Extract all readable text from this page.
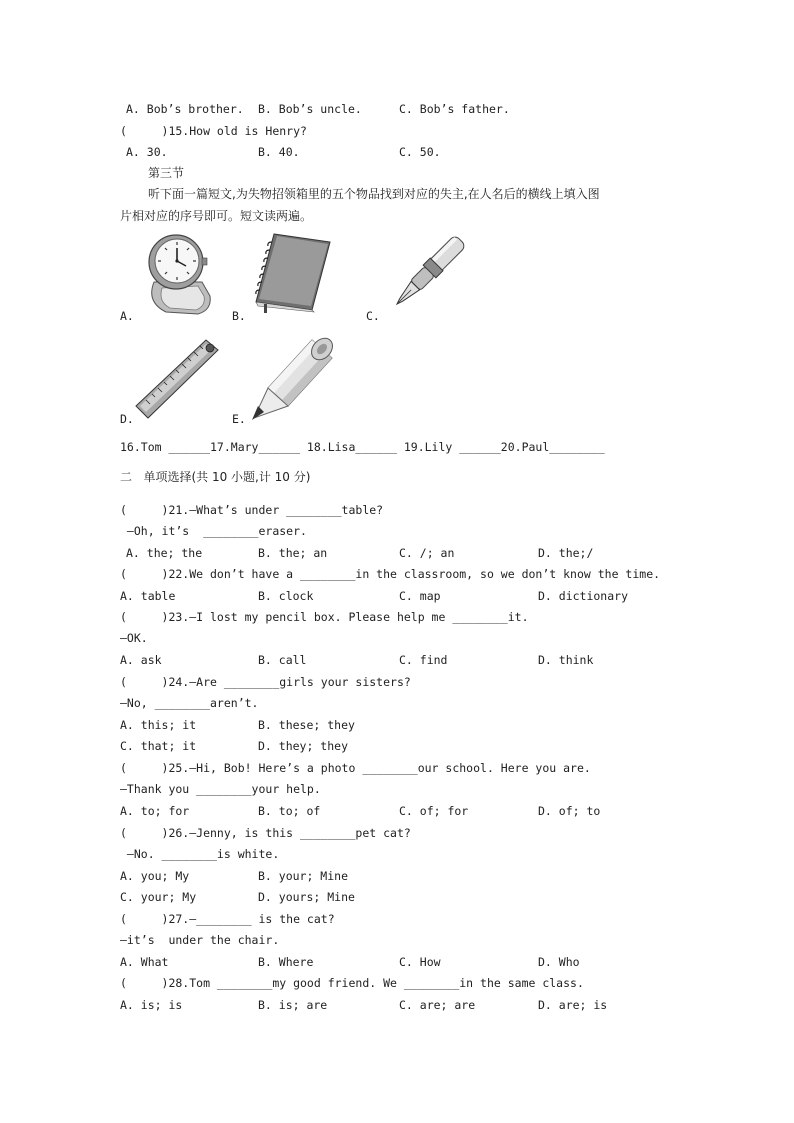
A. Bob’s brother. B. Bob’s uncle.	C. Bob’s father.
(     )15.How old is Henry?
A. 30.	B. 40.	C. 50.
第三节
听下面一篇短文,为失物招领箱里的五个物品找到对应的失主,在人名后的横线上填入图
片相对应的序号即可。短文读两遍。
A.	B.	C.
D.	E.
16.Tom ______17.Mary______ 18.Lisa______ 19.Lily ______20.Paul________
二   单项选择(共 10 小题,计 10 分)
(     )21.—What’s under ________table?
—Oh, it’s  ________eraser.
A. the; the	B. the; an	C. /; an	D. the;/
(     )22.We don’t have a ________in the classroom, so we don’t know the time.
A. table	B. clock	C. map	D. dictionary
(     )23.—I lost my pencil box. Please help me ________it.
—OK.
A. ask	B. call	C. find	D. think
(     )24.—Are ________girls your sisters?
—No, ________aren’t.
A. this; it	B. these; they
C. that; it	D. they; they
(     )25.—Hi, Bob! Here’s a photo ________our school. Here you are.
—Thank you ________your help.
A. to; for	B. to; of	C. of; for	D. of; to
(     )26.—Jenny, is this ________pet cat?
—No. ________is white.
A. you; My	B. your; Mine
C. your; My	D. yours; Mine
(     )27.—________ is the cat?
—it’s  under the chair.
A. What	B. Where	C. How	D. Who
(     )28.Tom ________my good friend. We ________in the same class.
A. is; is	B. is; are	C. are; are	D. are; is
